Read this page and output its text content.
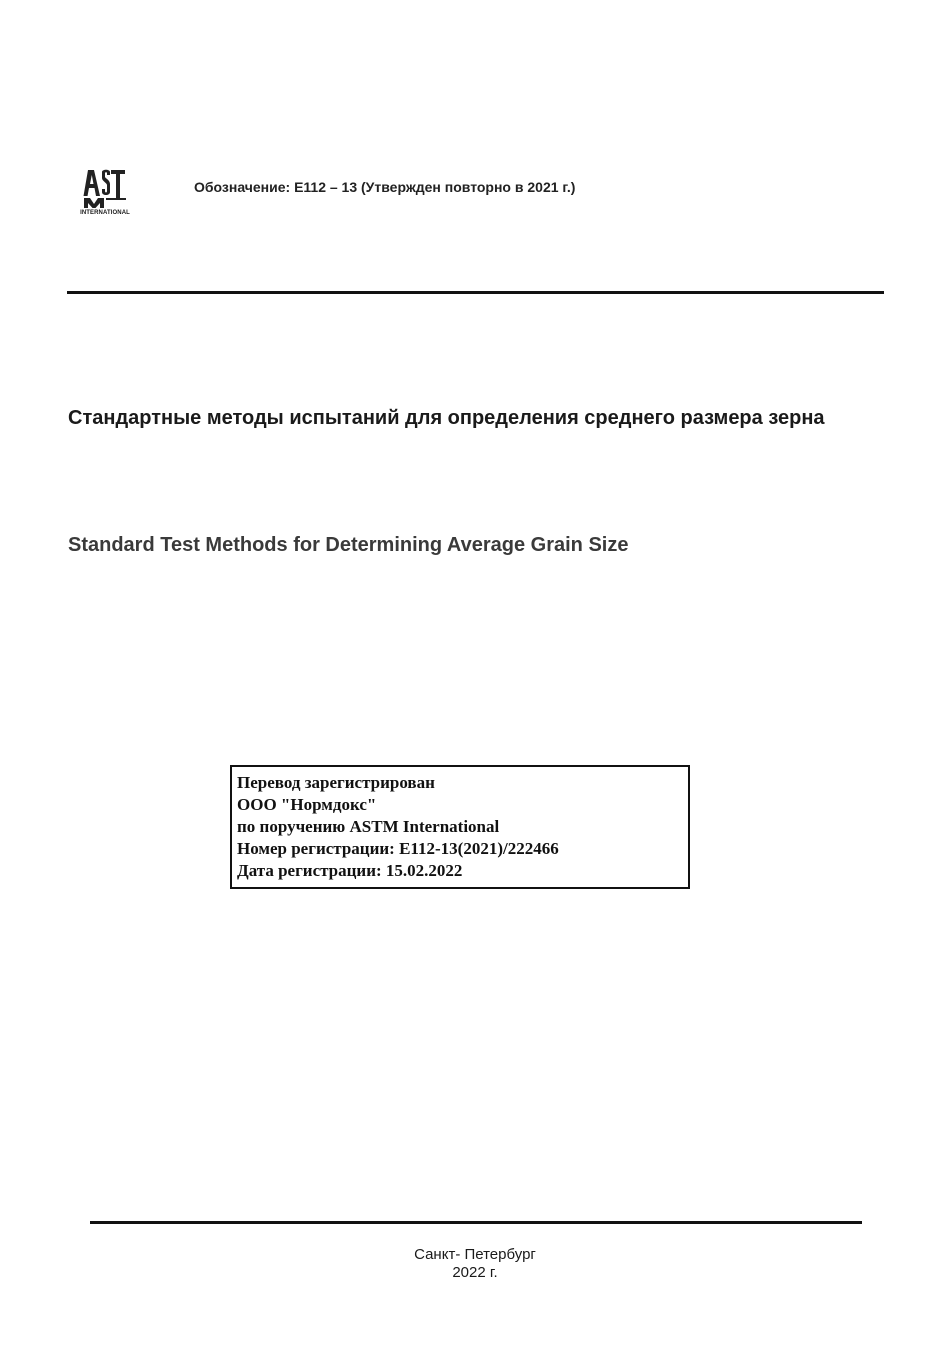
INTERNATIONAL
Обозначение: E112 – 13 (Утвержден повторно в 2021 г.)
Стандартные методы испытаний для определения среднего размера зерна
Standard Test Methods for Determining Average Grain Size
Перевод зарегистрирован
ООО "Нормдокс"
по поручению ASTM International
Номер регистрации: E112-13(2021)/222466
Дата регистрации: 15.02.2022
Санкт- Петербург
2022 г.
